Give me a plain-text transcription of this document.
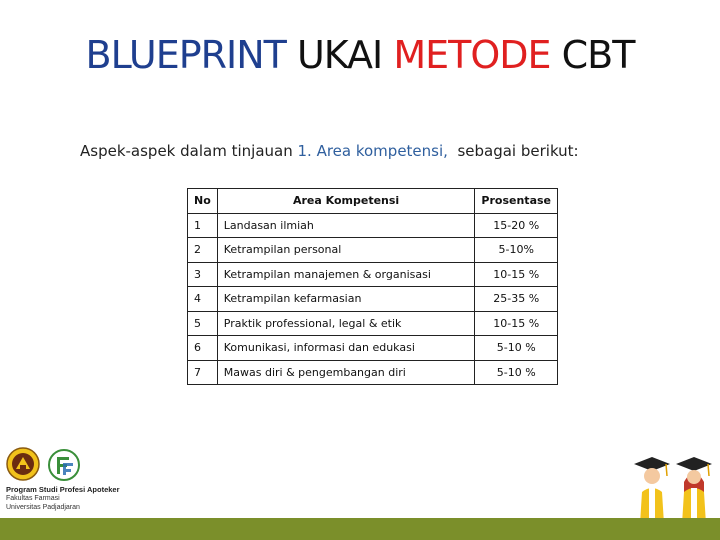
BLUEPRINT UKAI METODE CBT
Aspek-aspek dalam tinjauan 1. Area kompetensi,  sebagai berikut:
No	Area Kompetensi	Prosentase
1	Landasan ilmiah	15-20 %
2	Ketrampilan personal	5-10%
3	Ketrampilan manajemen & organisasi	10-15 %
4	Ketrampilan kefarmasian	25-35 %
5	Praktik professional, legal & etik	10-15 %
6	Komunikasi, informasi dan edukasi	5-10 %
7	Mawas diri & pengembangan diri	5-10 %
Program Studi Profesi Apoteker
Fakultas Farmasi
Universitas Padjadjaran
